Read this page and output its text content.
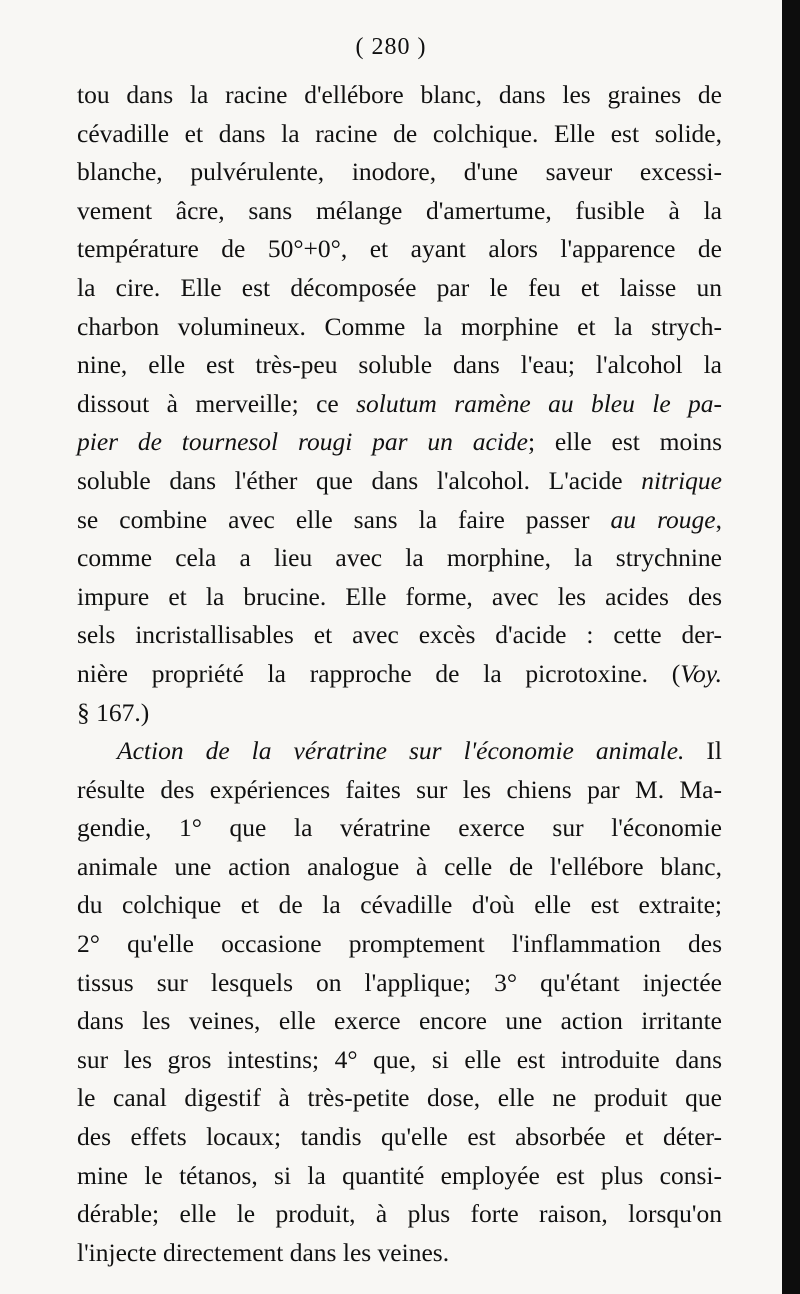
( 280 )
tou dans la racine d'ellébore blanc, dans les graines de
cévadille et dans la racine de colchique. Elle est solide,
blanche, pulvérulente, inodore, d'une saveur excessi-
vement âcre, sans mélange d'amertume, fusible à la
température de 50°+0°, et ayant alors l'apparence de
la cire. Elle est décomposée par le feu et laisse un
charbon volumineux. Comme la morphine et la strych-
nine, elle est très-peu soluble dans l'eau; l'alcohol la
dissout à merveille; ce solutum ramène au bleu le pa-
pier de tournesol rougi par un acide; elle est moins
soluble dans l'éther que dans l'alcohol. L'acide nitrique
se combine avec elle sans la faire passer au rouge,
comme cela a lieu avec la morphine, la strychnine
impure et la brucine. Elle forme, avec les acides des
sels incristallisables et avec excès d'acide : cette der-
nière propriété la rapproche de la picrotoxine. (Voy.
§ 167.)
Action de la vératrine sur l'économie animale. Il
résulte des expériences faites sur les chiens par M. Ma-
gendie, 1° que la vératrine exerce sur l'économie
animale une action analogue à celle de l'ellébore blanc,
du colchique et de la cévadille d'où elle est extraite;
2° qu'elle occasione promptement l'inflammation des
tissus sur lesquels on l'applique; 3° qu'étant injectée
dans les veines, elle exerce encore une action irritante
sur les gros intestins; 4° que, si elle est introduite dans
le canal digestif à très-petite dose, elle ne produit que
des effets locaux; tandis qu'elle est absorbée et déter-
mine le tétanos, si la quantité employée est plus consi-
dérable; elle le produit, à plus forte raison, lorsqu'on
l'injecte directement dans les veines.
